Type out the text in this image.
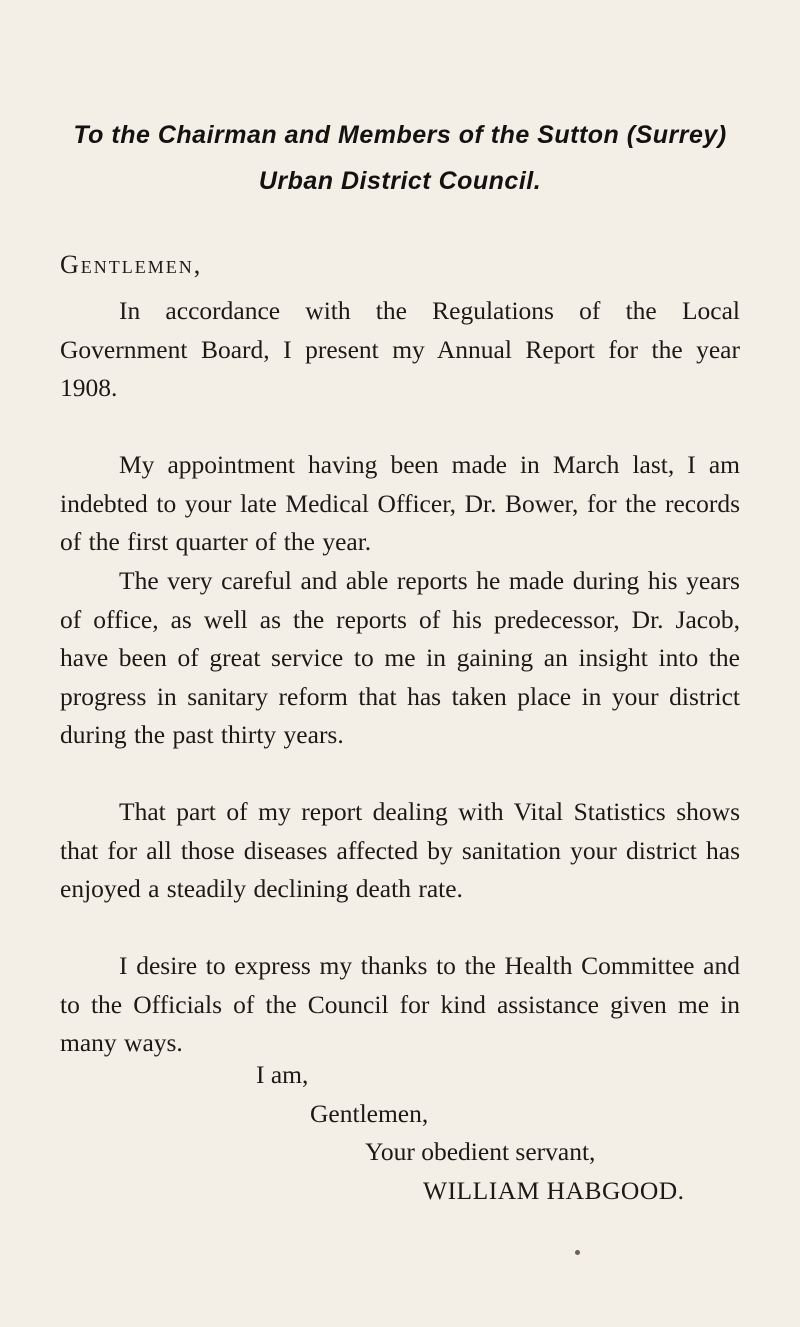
To the Chairman and Members of the Sutton (Surrey)
Urban District Council.
Gentlemen,

In accordance with the Regulations of the Local Government Board, I present my Annual Report for the year 1908.

My appointment having been made in March last, I am indebted to your late Medical Officer, Dr. Bower, for the records of the first quarter of the year.

The very careful and able reports he made during his years of office, as well as the reports of his predecessor, Dr. Jacob, have been of great service to me in gaining an insight into the progress in sanitary reform that has taken place in your district during the past thirty years.

That part of my report dealing with Vital Statistics shows that for all those diseases affected by sanitation your district has enjoyed a steadily declining death rate.

I desire to express my thanks to the Health Committee and to the Officials of the Council for kind assistance given me in many ways.

I am,
Gentlemen,
Your obedient servant,
WILLIAM HABGOOD.
